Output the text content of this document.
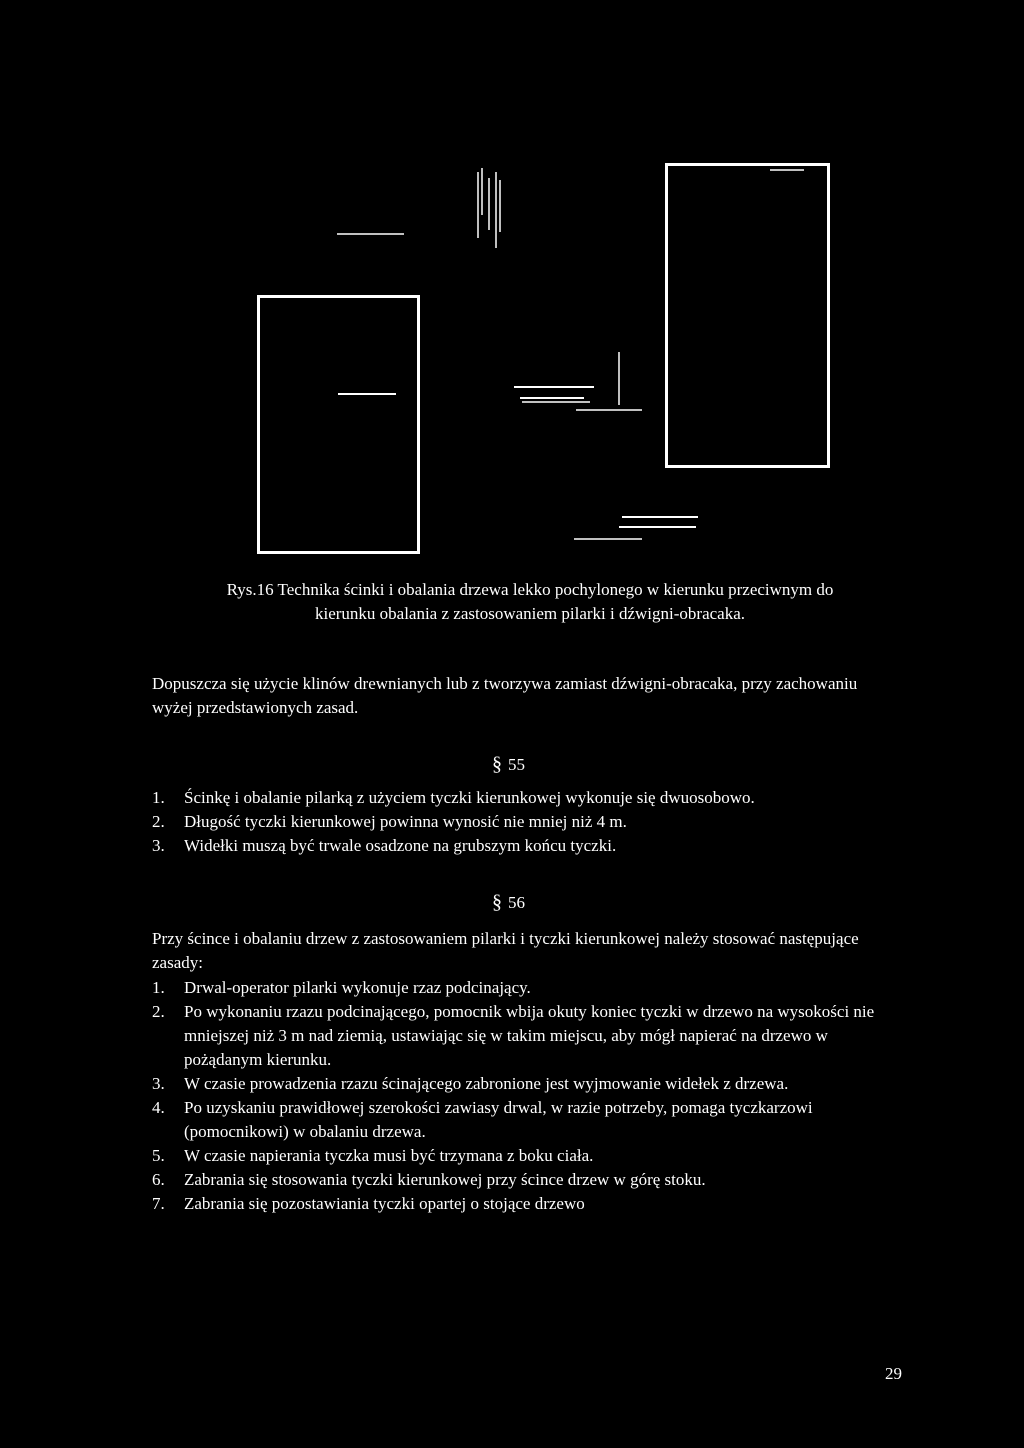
Rys.16 Technika ścinki i obalania drzewa lekko pochylonego w kierunku przeciwnym do
kierunku obalania z zastosowaniem pilarki i dźwigni-obracaka.

Dopuszcza się użycie klinów drewnianych lub z tworzywa zamiast dźwigni-obracaka, przy zachowaniu wyżej przedstawionych zasad.

§ 55

1. Ścinkę i obalanie pilarką z użyciem tyczki kierunkowej wykonuje się dwuosobowo.
2. Długość tyczki kierunkowej powinna wynosić nie mniej niż 4 m.
3. Widełki muszą być trwale osadzone na grubszym końcu tyczki.

§ 56

Przy ścince i obalaniu drzew z zastosowaniem pilarki i tyczki kierunkowej należy stosować następujące zasady:

1. Drwal-operator pilarki wykonuje rzaz podcinający.
2. Po wykonaniu rzazu podcinającego, pomocnik wbija okuty koniec tyczki w drzewo na wysokości nie mniejszej niż 3 m nad ziemią, ustawiając się w takim miejscu, aby mógł napierać na drzewo w pożądanym kierunku.
3. W czasie prowadzenia rzazu ścinającego zabronione jest wyjmowanie widełek z drzewa.
4. Po uzyskaniu prawidłowej szerokości zawiasy drwal, w razie potrzeby, pomaga tyczkarzowi (pomocnikowi) w obalaniu drzewa.
5. W czasie napierania tyczka musi być trzymana z boku ciała.
6. Zabrania się stosowania tyczki kierunkowej przy ścince drzew w górę stoku.
7. Zabrania się pozostawiania tyczki opartej o stojące drzewo
29
